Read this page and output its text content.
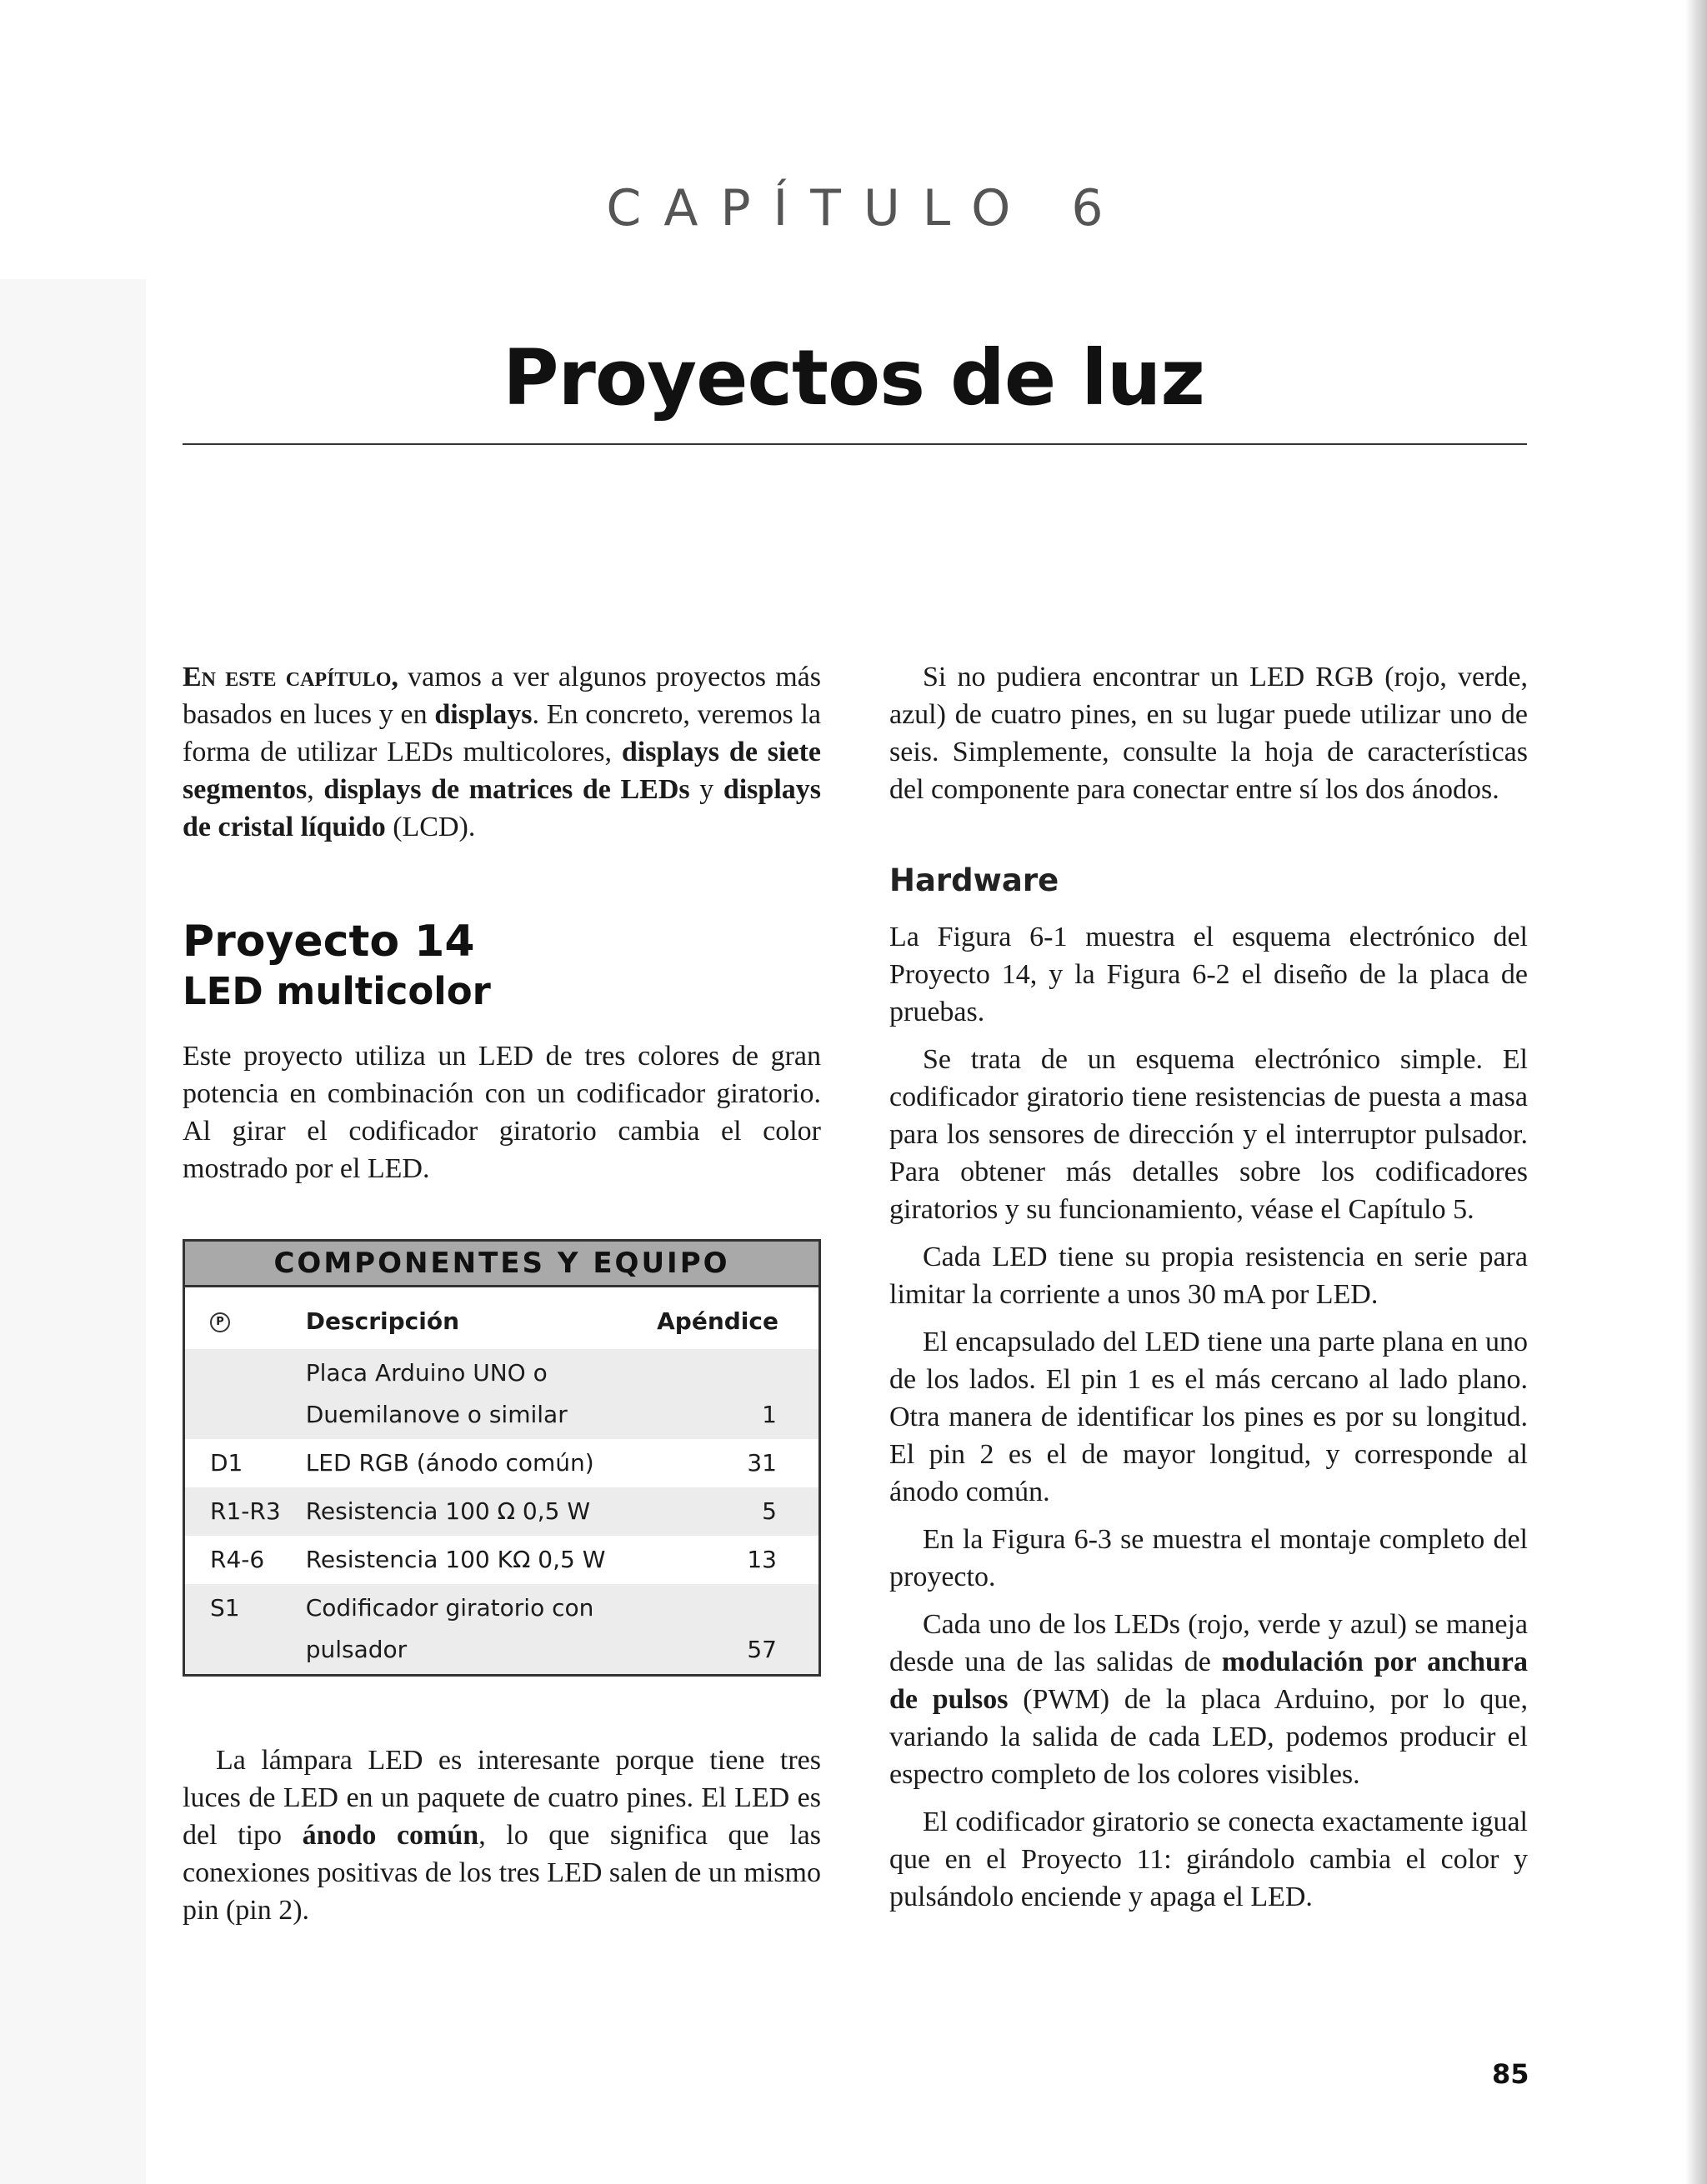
CAPÍTULO 6
Proyectos de luz

En este capítulo, vamos a ver algunos proyectos más basados en luces y en displays. En concreto, veremos la forma de utilizar LEDs multicolores, displays de siete segmentos, displays de matrices de LEDs y displays de cristal líquido (LCD).

Proyecto 14
LED multicolor

Este proyecto utiliza un LED de tres colores de gran potencia en combinación con un codificador giratorio. Al girar el codificador giratorio cambia el color mostrado por el LED.

COMPONENTES Y EQUIPO
P	Descripción	Apéndice
	Placa Arduino UNO o Duemilanove o similar	1
D1	LED RGB (ánodo común)	31
R1-R3	Resistencia 100 Ω 0,5 W	5
R4-6	Resistencia 100 KΩ 0,5 W	13
S1	Codificador giratorio con pulsador	57

La lámpara LED es interesante porque tiene tres luces de LED en un paquete de cuatro pines. El LED es del tipo ánodo común, lo que significa que las conexiones positivas de los tres LED salen de un mismo pin (pin 2).

Si no pudiera encontrar un LED RGB (rojo, verde, azul) de cuatro pines, en su lugar puede utilizar uno de seis. Simplemente, consulte la hoja de características del componente para conectar entre sí los dos ánodos.

Hardware

La Figura 6-1 muestra el esquema electrónico del Proyecto 14, y la Figura 6-2 el diseño de la placa de pruebas.

Se trata de un esquema electrónico simple. El codificador giratorio tiene resistencias de puesta a masa para los sensores de dirección y el interruptor pulsador. Para obtener más detalles sobre los codificadores giratorios y su funcionamiento, véase el Capítulo 5.

Cada LED tiene su propia resistencia en serie para limitar la corriente a unos 30 mA por LED.

El encapsulado del LED tiene una parte plana en uno de los lados. El pin 1 es el más cercano al lado plano. Otra manera de identificar los pines es por su longitud. El pin 2 es el de mayor longitud, y corresponde al ánodo común.

En la Figura 6-3 se muestra el montaje completo del proyecto.

Cada uno de los LEDs (rojo, verde y azul) se maneja desde una de las salidas de modulación por anchura de pulsos (PWM) de la placa Arduino, por lo que, variando la salida de cada LED, podemos producir el espectro completo de los colores visibles.

El codificador giratorio se conecta exactamente igual que en el Proyecto 11: girándolo cambia el color y pulsándolo enciende y apaga el LED.

85
